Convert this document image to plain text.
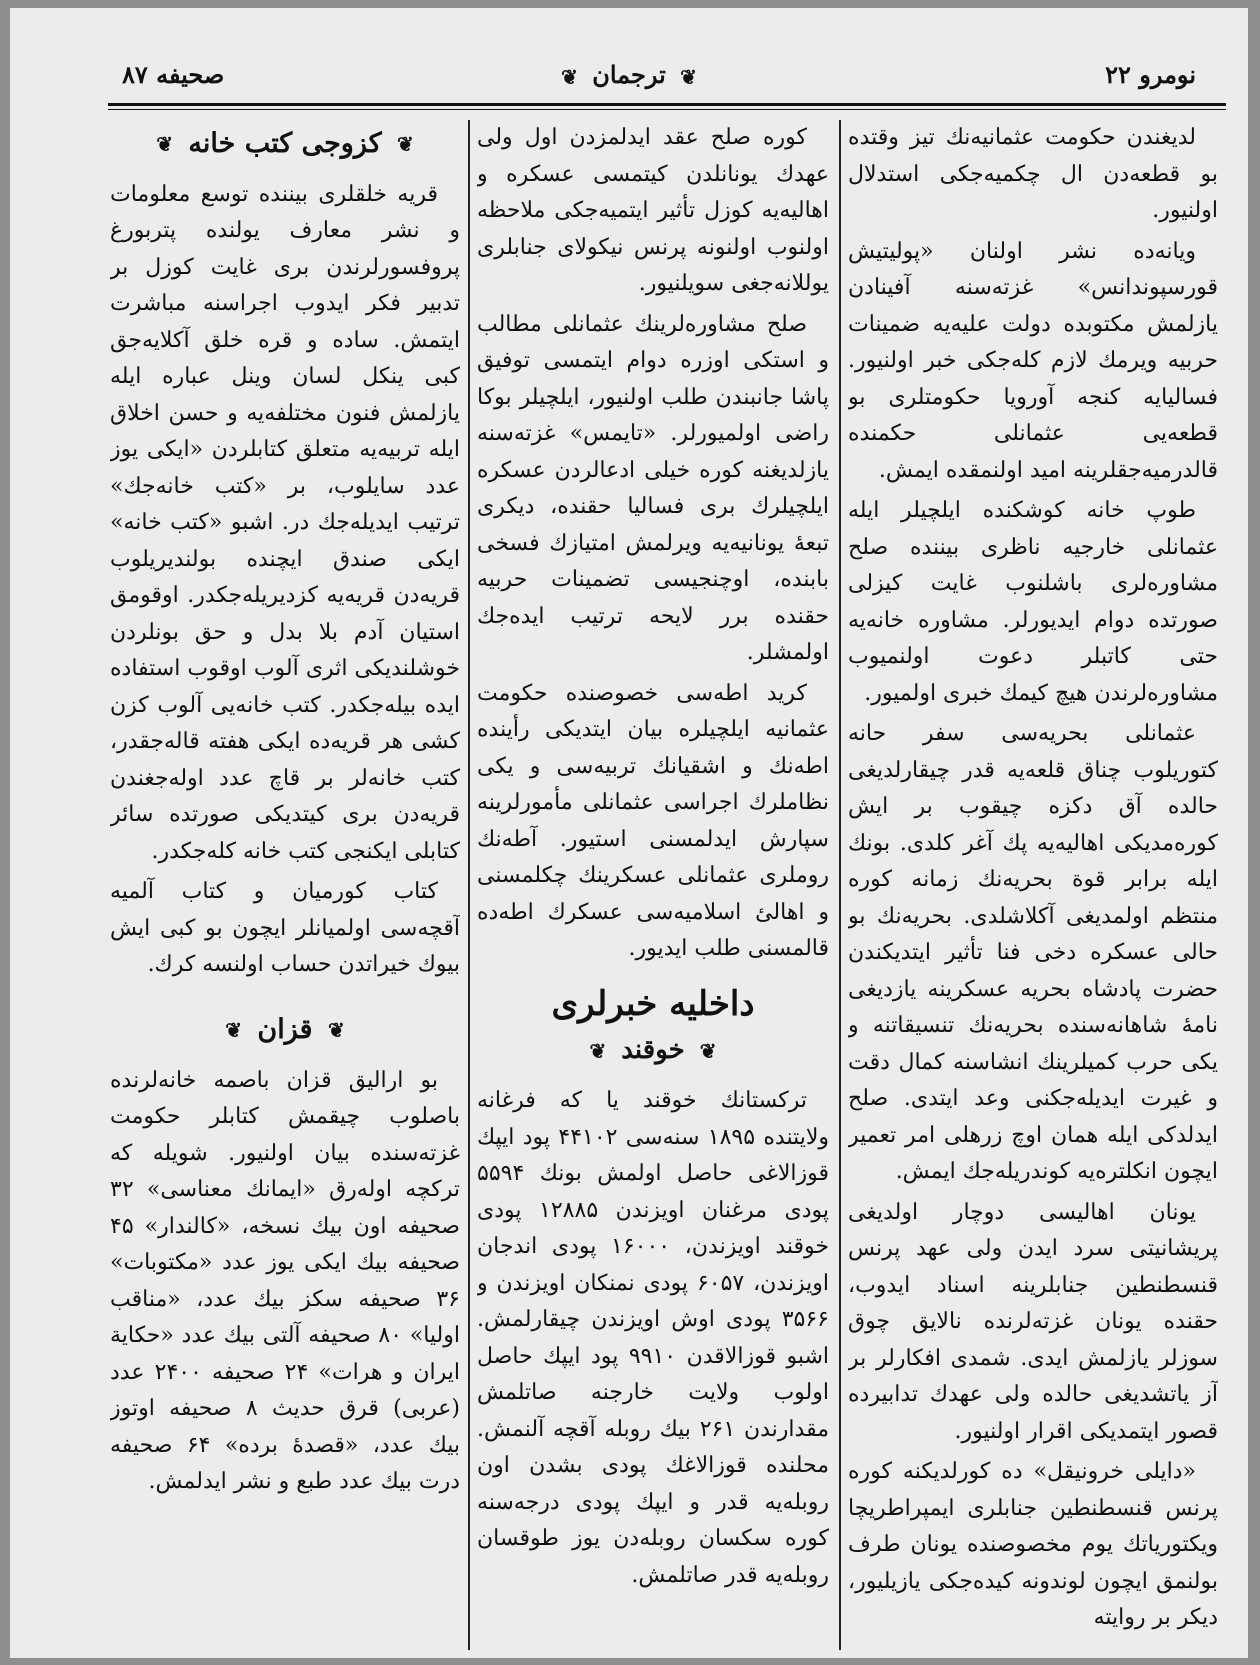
صحيفه ۸۷	❦ ترجمان ❦	نومرو ۲۲

لديغندن حكومت عثمانيه‌نك تيز وقتده بو قطعه‌دن ال چكميه‌جكى استدلال اولنيور.

ويانه‌ده نشر اولنان «پوليتيش قورسپوندانس» غزته‌سنه آفينادن يازلمش مكتوبده دولت عليه‌يه ضمينات حربيه ويرمك لازم كله‌جكى خبر اولنيور. فساليايه كنجه آورويا حكومتلرى بو قطعه‌يى عثمانلى حكمنده قالدرميه‌جقلرينه اميد اولنمقده ايمش.

طوپ خانه كوشكنده ايلچيلر ايله عثمانلى خارجيه ناظرى بيننده صلح مشاورەلرى باشلنوب غايت كيزلى صورتده دوام ايديورلر. مشاوره خانه‌يه حتى كاتبلر دعوت اولنميوب مشاورەلرندن هيچ كيمك خبرى اولميور.

عثمانلى بحريه‌سى سفر حانه كتوريلوب چناق قلعه‌يه قدر چيقارلديغى حالده آق دكزه چيقوب بر ايش كوره‌مديكى اهاليه‌يه پك آغر كلدى. بونك ايله برابر قوة بحريه‌نك زمانه كوره منتظم اولمديغى آكلاشلدى. بحريه‌نك بو حالى عسكره دخى فنا تأثير ايتديكندن حضرت پادشاه بحريه عسكرينه يازديغى نامهٔ شاهانه‌سنده بحريه‌نك تنسيقاتنه و يكى حرب كميلرينك انشاسنه كمال دقت و غيرت ايديله‌جكنى وعد ايتدى. صلح ايدلدكى ايله همان اوچ زرهلى امر تعمير ايچون انكلتره‌يه كوندريله‌جك ايمش.

يونان اهاليسى دوچار اولديغى پريشانيتى سرد ايدن ولى عهد پرنس قنسطنطين جنابلرينه اسناد ايدوب، حقنده يونان غزته‌لرنده نالايق چوق سوزلر يازلمش ايدى. شمدى افكارلر بر آز ياتشديغى حالده ولى عهدك تدابيرده قصور ايتمديكى اقرار اولنيور.

«دايلى خرونيقل» ده كورلديكنه كوره پرنس قنسطنطين جنابلرى ايمپراطريچا ويكتورياتك يوم مخصوصنده يونان طرف بولنمق ايچون لوندونه كيده‌جكى يازيليور، ديكر بر روايته

كوره صلح عقد ايدلمزدن اول ولى عهدك يونانلدن كيتمسى عسكره و اهاليه‌يه كوزل تأثير ايتميه‌جكى ملاحظه اولنوب اولنونه پرنس نيكولاى جنابلرى يوللانه‌جغى سويلنيور.

صلح مشاورەلرينك عثمانلى مطالب و استكى اوزره دوام ايتمسى توفيق پاشا جانبندن طلب اولنيور، ايلچيلر بوكا راضى اولميورلر. «تايمس» غزته‌سنه يازلديغنه كوره خيلى ادعالردن عسكره ايلچيلرك برى فساليا حقنده، ديكرى تبعهٔ يونانيه‌يه ويرلمش امتيازك فسخى بابنده، اوچنجيسى تضمينات حربيه حقنده برر لايحه ترتيب ايده‌جك اولمشلر.

كريد اطه‌سى خصوصنده حكومت عثمانيه ايلچيلره بيان ايتديكى رأينده اطه‌نك و اشقيانك تربيه‌سى و يكى نظاملرك اجراسى عثمانلى مأمورلرينه سپارش ايدلمسنى استيور. آطه‌نك روملرى عثمانلى عسكرينك چكلمسنى و اهالئ اسلاميه‌سى عسكرك اطه‌ده قالمسنى طلب ايديور.

داخليه خبرلرى
❦ خوقند ❦

تركستانك خوقند يا كه فرغانه ولايتنده ۱۸۹۵ سنه‌سى ۴۴۱۰۲ پود ايپك قوزالاغى حاصل اولمش بونك ۵۵۹۴ پودى مرغنان اويزندن ۱۲۸۸۵ پودى خوقند اويزندن، ۱۶۰۰۰ پودى اندجان اويزندن، ۶۰۵۷ پودى نمنكان اويزندن و ۳۵۶۶ پودى اوش اويزندن چيقارلمش. اشبو قوزالاقدن ۹۹۱۰ پود ايپك حاصل اولوب ولايت خارجنه صاتلمش مقدارندن ۲۶۱ بيك روبله آقچه آلنمش. محلنده قوزالاغك پودى بشدن اون روبله‌يه قدر و ايپك پودى درجه‌سنه كوره سكسان روبله‌دن يوز طوقسان روبله‌يه قدر صاتلمش.

❦ كزوجى كتب خانه ❦

قريه خلقلرى بيننده توسع معلومات و نشر معارف يولنده پتربورغ پروفسورلرندن برى غايت كوزل بر تدبير فكر ايدوب اجراسنه مباشرت ايتمش. ساده و قره خلق آكلايه‌جق كبى ينكل لسان وينل عباره ايله يازلمش فنون مختلفه‌يه و حسن اخلاق ايله تربيه‌يه متعلق كتابلردن «ايكى يوز عدد سايلوب، بر «كتب خانه‌جك» ترتيب ايديله‌جك در. اشبو «كتب خانه» ايكى صندق ايچنده بولنديريلوب قريه‌دن قريه‌يه كزديريله‌جكدر. اوقومق استيان آدم بلا بدل و حق بونلردن خوشلنديكى اثرى آلوب اوقوب استفاده ايده بيله‌جكدر. كتب خانه‌يى آلوب كزن كشى هر قريه‌ده ايكى هفته قاله‌جقدر، كتب خانه‌لر بر قاچ عدد اوله‌جغندن قريه‌دن برى كيتديكى صورتده سائر كتابلى ايكنجى كتب خانه كله‌جكدر.

كتاب كورميان و كتاب آلميه آقچه‌سى اولميانلر ايچون بو كبى ايش بيوك خيراتدن حساب اولنسه كرك.

❦ قزان ❦

بو اراليق قزان باصمه خانه‌لرنده باصلوب چيقمش كتابلر حكومت غزته‌سنده بيان اولنيور. شويله كه تركچه اولەرق «ايمانك معناسى» ۳۲ صحيفه اون بيك نسخه، «كالندار» ۴۵ صحيفه بيك ايكى يوز عدد «مكتوبات» ۳۶ صحيفه سكز بيك عدد، «مناقب اوليا» ۸۰ صحيفه آلتى بيك عدد «حكاية ايران و هرات» ۲۴ صحيفه ۲۴۰۰ عدد (عربى) قرق حديث ۸ صحيفه اوتوز بيك عدد، «قصدهٔ برده» ۶۴ صحيفه درت بيك عدد طبع و نشر ايدلمش.
